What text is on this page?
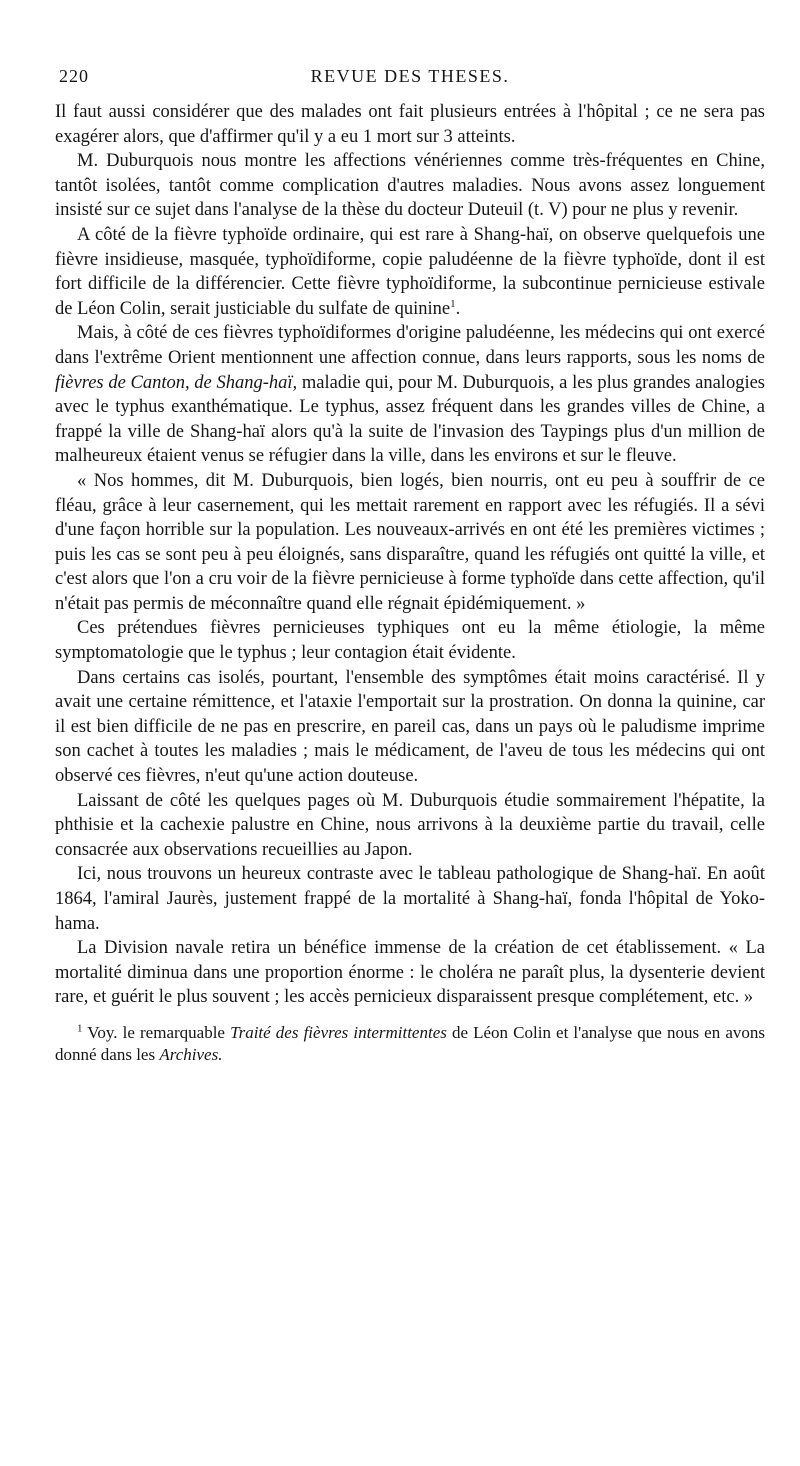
220	REVUE DES THESES.

Il faut aussi considérer que des malades ont fait plusieurs entrées à l'hôpital ; ce ne sera pas exagérer alors, que d'affirmer qu'il y a eu 1 mort sur 3 atteints.

M. Duburquois nous montre les affections vénériennes comme très-fréquentes en Chine, tantôt isolées, tantôt comme complication d'autres maladies. Nous avons assez longuement insisté sur ce sujet dans l'analyse de la thèse du docteur Duteuil (t. V) pour ne plus y revenir.

A côté de la fièvre typhoïde ordinaire, qui est rare à Shang-haï, on observe quelquefois une fièvre insidieuse, masquée, typhoïdiforme, copie paludéenne de la fièvre typhoïde, dont il est fort difficile de la différencier. Cette fièvre typhoïdiforme, la subcontinue pernicieuse estivale de Léon Colin, serait justiciable du sulfate de quinine$^1$.

Mais, à côté de ces fièvres typhoïdiformes d'origine paludéenne, les médecins qui ont exercé dans l'extrême Orient mentionnent une affection connue, dans leurs rapports, sous les noms de fièvres de Canton, de Shang-haï, maladie qui, pour M. Duburquois, a les plus grandes analogies avec le typhus exanthématique. Le typhus, assez fréquent dans les grandes villes de Chine, a frappé la ville de Shang-haï alors qu'à la suite de l'invasion des Taypings plus d'un million de malheureux étaient venus se réfugier dans la ville, dans les environs et sur le fleuve.

« Nos hommes, dit M. Duburquois, bien logés, bien nourris, ont eu peu à souffrir de ce fléau, grâce à leur casernement, qui les mettait rarement en rapport avec les réfugiés. Il a sévi d'une façon horrible sur la population. Les nouveaux-arrivés en ont été les premières victimes ; puis les cas se sont peu à peu éloignés, sans disparaître, quand les réfugiés ont quitté la ville, et c'est alors que l'on a cru voir de la fièvre pernicieuse à forme typhoïde dans cette affection, qu'il n'était pas permis de méconnaître quand elle régnait épidémiquement. »

Ces prétendues fièvres pernicieuses typhiques ont eu la même étiologie, la même symptomatologie que le typhus ; leur contagion était évidente.

Dans certains cas isolés, pourtant, l'ensemble des symptômes était moins caractérisé. Il y avait une certaine rémittence, et l'ataxie l'emportait sur la prostration. On donna la quinine, car il est bien difficile de ne pas en prescrire, en pareil cas, dans un pays où le paludisme imprime son cachet à toutes les maladies ; mais le médicament, de l'aveu de tous les médecins qui ont observé ces fièvres, n'eut qu'une action douteuse.

Laissant de côté les quelques pages où M. Duburquois étudie sommairement l'hépatite, la phthisie et la cachexie palustre en Chine, nous arrivons à la deuxième partie du travail, celle consacrée aux observations recueillies au Japon.

Ici, nous trouvons un heureux contraste avec le tableau pathologique de Shang-haï. En août 1864, l'amiral Jaurès, justement frappé de la mortalité à Shang-haï, fonda l'hôpital de Yoko-hama.

La Division navale retira un bénéfice immense de la création de cet établissement. « La mortalité diminua dans une proportion énorme : le choléra ne paraît plus, la dysenterie devient rare, et guérit le plus souvent ; les accès pernicieux disparaissent presque complétement, etc. »

$^1$ Voy. le remarquable Traité des fièvres intermittentes de Léon Colin et l'analyse que nous en avons donné dans les Archives.
